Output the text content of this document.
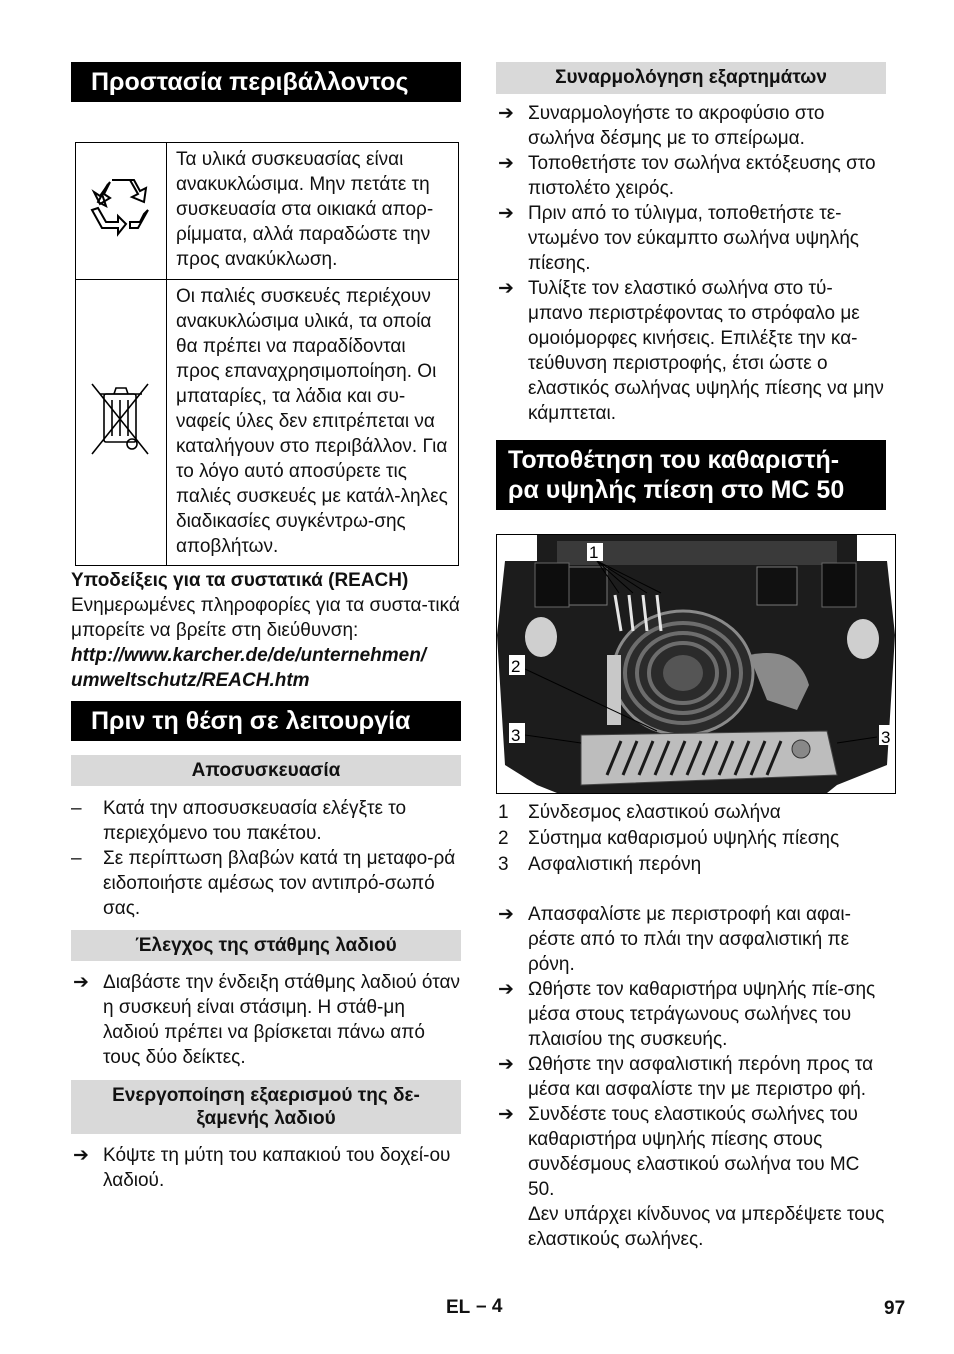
Προστασία περιβάλλοντος
	Τα υλικά συσκευασίας είναι ανακυκλώσιμα. Μην πετάτε τη συσκευασία στα οικιακά απορ-ρίμματα, αλλά παραδώστε την προς ανακύκλωση.
	Οι παλιές συσκευές περιέχουν ανακυκλώσιμα υλικά, τα οποία θα πρέπει να παραδίδονται προς επαναχρησιμοποίηση. Οι μπαταρίες, τα λάδια και συ-ναφείς ύλες δεν επιτρέπεται να καταλήγουν στο περιβάλλον. Για το λόγο αυτό αποσύρετε τις παλιές συσκευές με κατάλ-ληλες διαδικασίες συγκέντρω-σης αποβλήτων.

Υποδείξεις για τα συστατικά (REACH)

Ενημερωμένες πληροφορίες για τα συστα-τικά μπορείτε να βρείτε στη διεύθυνση:

http://www.karcher.de/de/unternehmen/

umweltschutz/REACH.htm

Πριν τη θέση σε λειτουργία
Αποσυσκευασία
–	Κατά την αποσυσκευασία ελέγξτε το περιεχόμενο του πακέτου.
–	Σε περίπτωση βλαβών κατά τη μεταφο-ρά ειδοποιήστε αμέσως τον αντιπρό-σωπό σας.
Έλεγχος της στάθμης λαδιού
➔ Διαβάστε την ένδειξη στάθμης λαδιού όταν η συσκευή είναι στάσιμη. Η στάθ-μη λαδιού πρέπει να βρίσκεται πάνω από τους δύο δείκτες.
Ενεργοποίηση εξαερισμού της δε-ξαμενής λαδιού
➔ Κόψτε τη μύτη του καπακιού του δοχεί-ου λαδιού.
Συναρμολόγηση εξαρτημάτων
➔ Συναρμολογήστε το ακροφύσιο στο σωλήνα δέσμης με το σπείρωμα.
➔ Τοποθετήστε τον σωλήνα εκτόξευσης στο πιστολέτο χειρός.
➔ Πριν από το τύλιγμα, τοποθετήστε τε-ντωμένο τον εύκαμπτο σωλήνα υψηλής πίεσης.
➔ Τυλίξτε τον ελαστικό σωλήνα στο τύ-μπανο περιστρέφοντας το στρόφαλο με ομοιόμορφες κινήσεις. Επιλέξτε την κα-τεύθυνση περιστροφής, έτσι ώστε ο ελαστικός σωλήνας υψηλής πίεσης να μην κάμπτεται.
Τοποθέτηση του καθαριστή-
ρα υψηλής πίεση στο MC 50
1
2
3	3
1 Σύνδεσμος ελαστικού σωλήνα
2 Σύστημα καθαρισμού υψηλής πίεσης
3 Ασφαλιστική περόνη
➔ Απασφαλίστε με περιστροφή και αφαι-ρέστε από το πλάι την ασφαλιστική πε ρόνη.
➔ Ωθήστε τον καθαριστήρα υψηλής πίε-σης μέσα στους τετράγωνους σωλήνες του πλαισίου της συσκευής.
➔ Ωθήστε την ασφαλιστική περόνη προς τα μέσα και ασφαλίστε την με περιστρο φή.
➔ Συνδέστε τους ελαστικούς σωλήνες του καθαριστήρα υψηλής πίεσης στους συνδέσμους ελαστικού σωλήνα του MC 50.
Δεν υπάρχει κίνδυνος να μπερδέψετε τους ελαστικούς σωλήνες.
EL – 4	97
